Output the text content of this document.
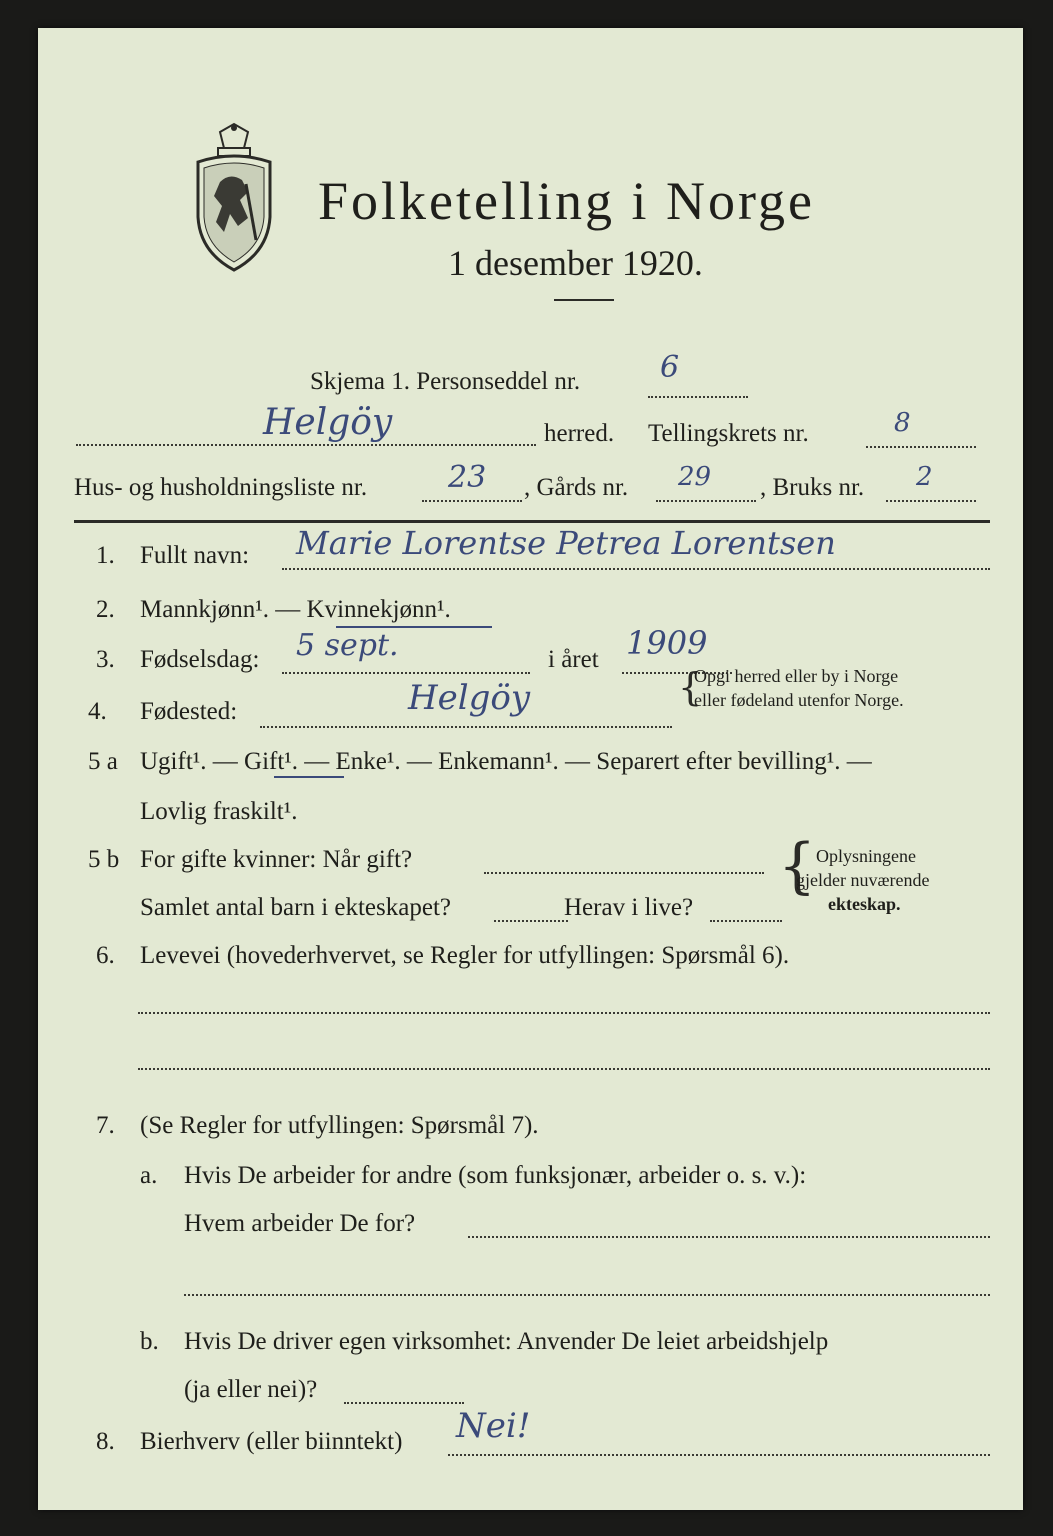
Folketelling i Norge
1 desember 1920.
Skjema 1. Personseddel nr.	6
Helgöy	herred. Tellingskrets nr.	8
Hus- og husholdningsliste nr.	23 , Gårds nr. 29 , Bruks nr. 2
1. Fullt navn: Marie Lorentse Petrea Lorentsen
2. Mannkjønn¹. — Kvinnekjønn¹.
3. Fødselsdag: 5 sept.	i året 1909
4. Fødested:	Helgöy	{
Opgi herred eller by i Norge
eller fødeland utenfor Norge.
5 a Ugift¹. — Gift¹. — Enke¹. — Enkemann¹. — Separert efter bevilling¹. —
Lovlig fraskilt¹.
5 b For gifte kvinner: Når gift?
Samlet antal barn i ekteskapet?	Herav i live?
{ Oplysningene
gjelder nuværende
ekteskap.
6. Levevei (hovederhvervet, se Regler for utfyllingen: Spørsmål 6).
7. (Se Regler for utfyllingen: Spørsmål 7).
a. Hvis De arbeider for andre (som funksjonær, arbeider o. s. v.):
Hvem arbeider De for?
b. Hvis De driver egen virksomhet: Anvender De leiet arbeidshjelp
(ja eller nei)?
8. Bierhverv (eller biinntekt) Nei!
